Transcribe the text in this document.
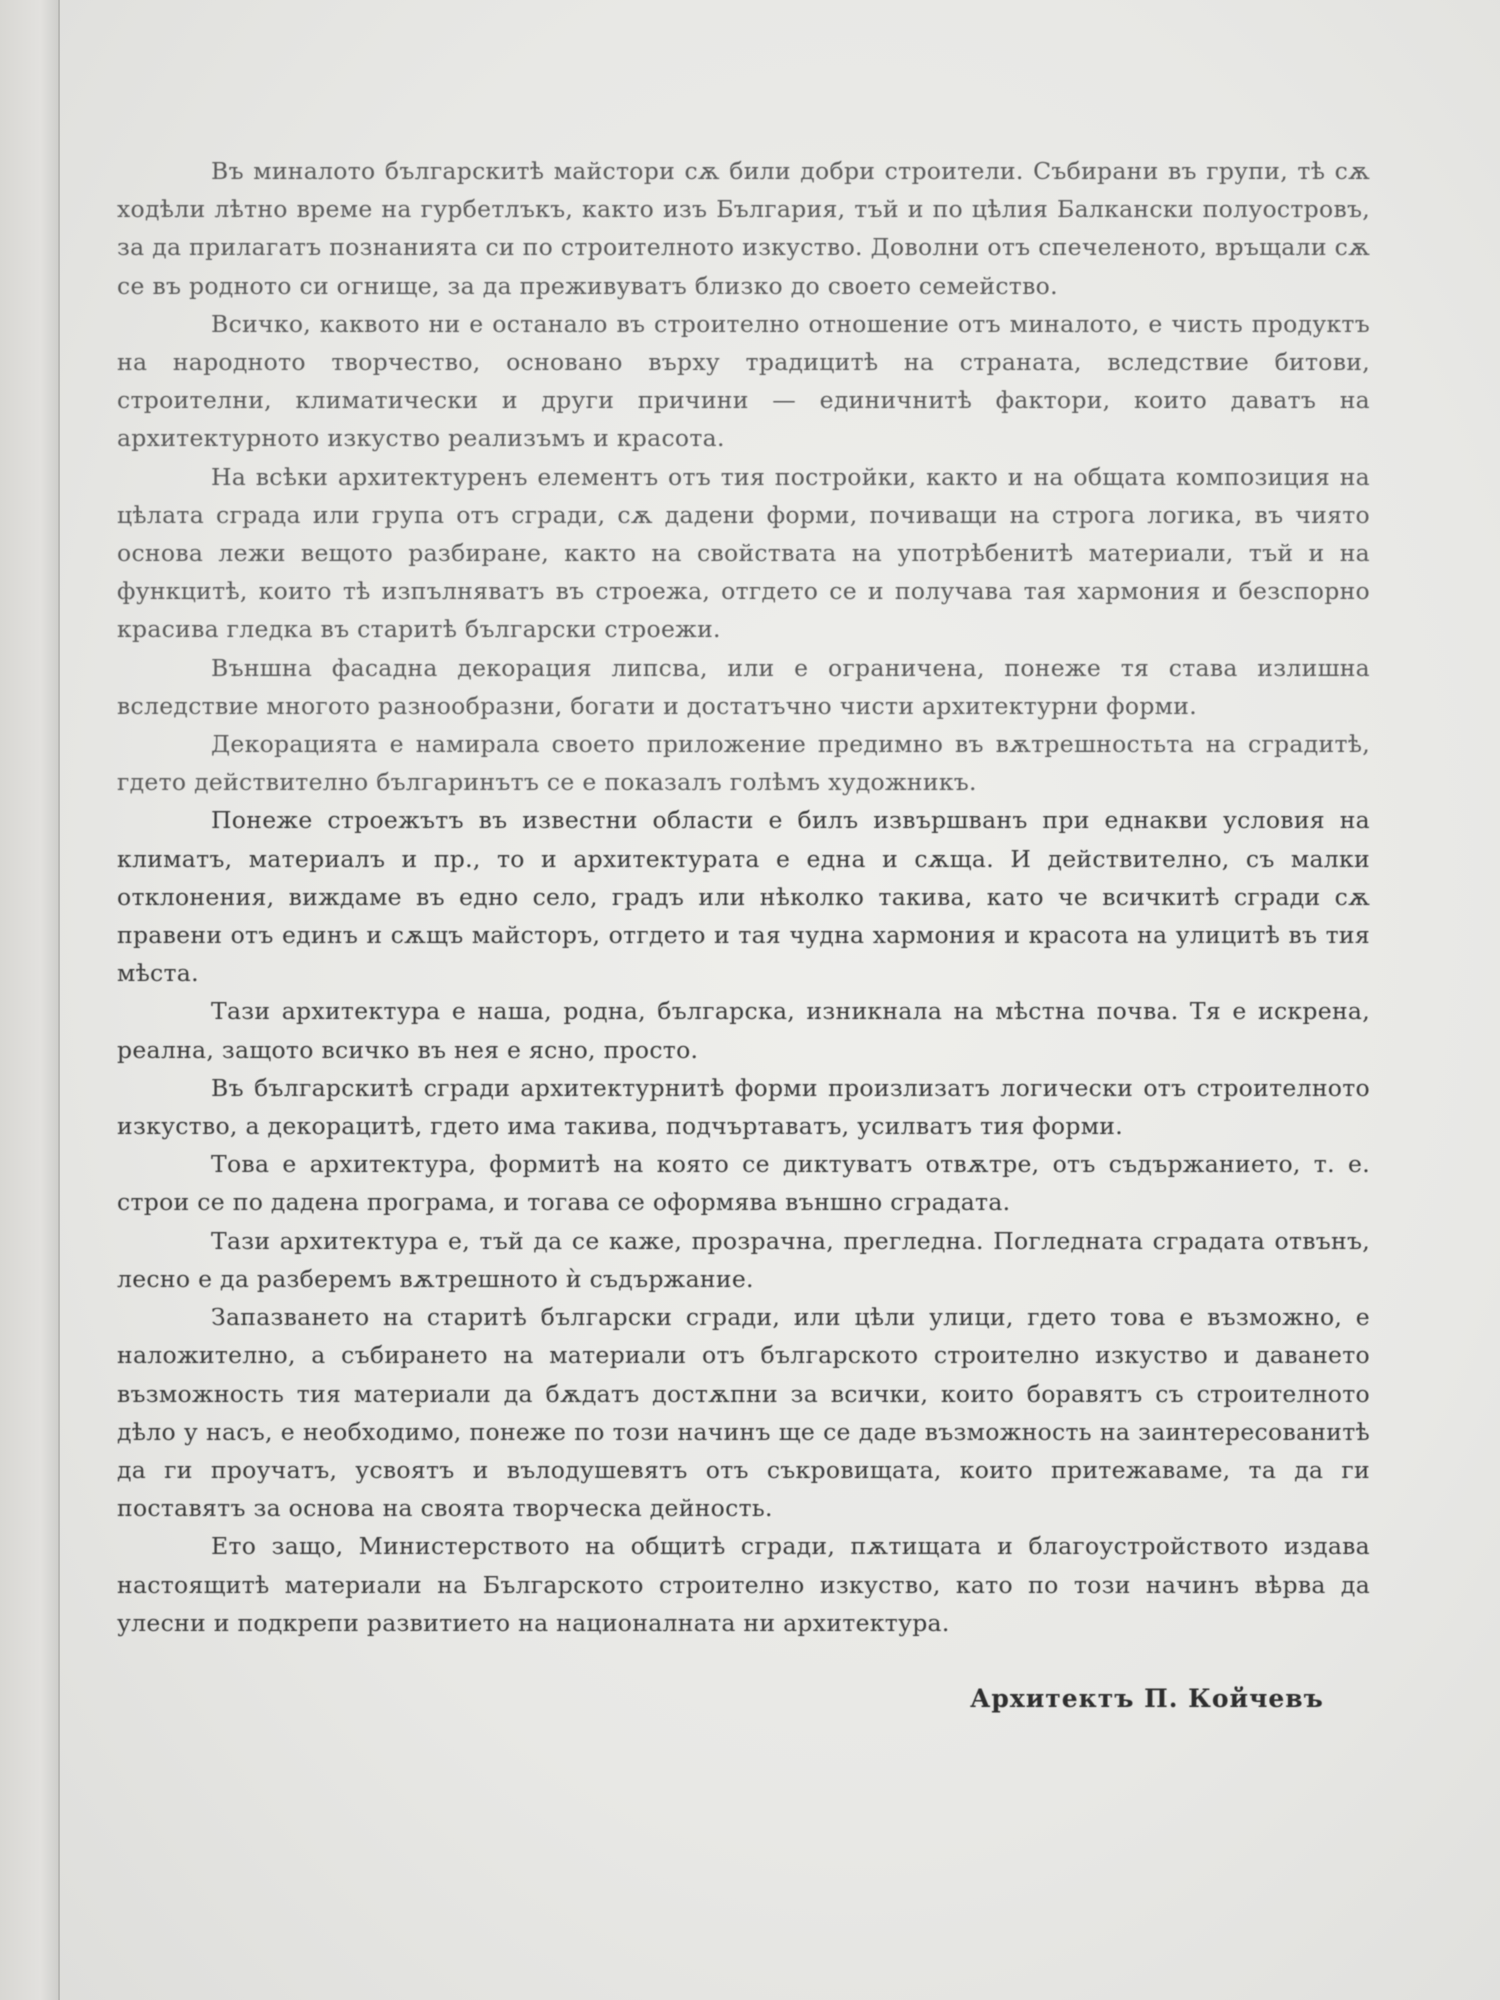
Въ миналото българскитѣ майстори сѫ били добри строители. Събирани въ групи, тѣ сѫ ходѣли лѣтно време на гурбетлъкъ, както изъ България, тъй и по цѣлия Балкански полуостровъ, за да прилагатъ познанията си по строителното изкуство. Доволни отъ спечеленото, връщали сѫ се въ родното си огнище, за да преживуватъ близко до своето семейство.

Всичко, каквото ни е останало въ строително отношение отъ миналото, е чисть продуктъ на народното творчество, основано върху традицитѣ на страната, вследствие битови, строителни, климатически и други причини — единичнитѣ фактори, които даватъ на архитектурното изкуство реализъмъ и красота.

На всѣки архитектуренъ елементъ отъ тия постройки, както и на общата композиция на цѣлата сграда или група отъ сгради, сѫ дадени форми, почиващи на строга логика, въ чиято основа лежи вещото разбиране, както на свойствата на употрѣбенитѣ материали, тъй и на функцитѣ, които тѣ изпълняватъ въ строежа, отгдето се и получава тая хармония и безспорно красива гледка въ старитѣ български строежи.

Външна фасадна декорация липсва, или е ограничена, понеже тя става излишна вследствие многото разнообразни, богати и достатъчно чисти архитектурни форми.

Декорацията е намирала своето приложение предимно въ вѫтрешностьта на сградитѣ, гдето действително българинътъ се е показалъ голѣмъ художникъ.

Понеже строежътъ въ известни области е билъ извършванъ при еднакви условия на климатъ, материалъ и пр., то и архитектурата е една и сѫща. И действително, съ малки отклонения, виждаме въ едно село, градъ или нѣколко такива, като че всичкитѣ сгради сѫ правени отъ единъ и сѫщъ майсторъ, отгдето и тая чудна хармония и красота на улицитѣ въ тия мѣста.

Тази архитектура е наша, родна, българска, изникнала на мѣстна почва. Тя е искрена, реална, защото всичко въ нея е ясно, просто.

Въ българскитѣ сгради архитектурнитѣ форми произлизатъ логически отъ строителното изкуство, а декорацитѣ, гдето има такива, подчъртаватъ, усилватъ тия форми.

Това е архитектура, формитѣ на която се диктуватъ отвѫтре, отъ съдържанието, т. е. строи се по дадена програма, и тогава се оформява външно сградата.

Тази архитектура е, тъй да се каже, прозрачна, прегледна. Погледната сградата отвънъ, лесно е да разберемъ вѫтрешното ѝ съдържание.

Запазването на старитѣ български сгради, или цѣли улици, гдето това е възможно, е наложително, а събирането на материали отъ българското строително изкуство и даването възможность тия материали да бѫдатъ достѫпни за всички, които боравятъ съ строителното дѣло у насъ, е необходимо, понеже по този начинъ ще се даде възможность на заинтересованитѣ да ги проучатъ, усвоятъ и вълодушевятъ отъ съкровищата, които притежаваме, та да ги поставятъ за основа на своята творческа дейность.

Ето защо, Министерството на общитѣ сгради, пѫтищата и благоустройството издава настоящитѣ материали на Българското строително изкуство, като по този начинъ вѣрва да улесни и подкрепи развитието на националната ни архитектура.

Архитектъ П. Койчевъ
